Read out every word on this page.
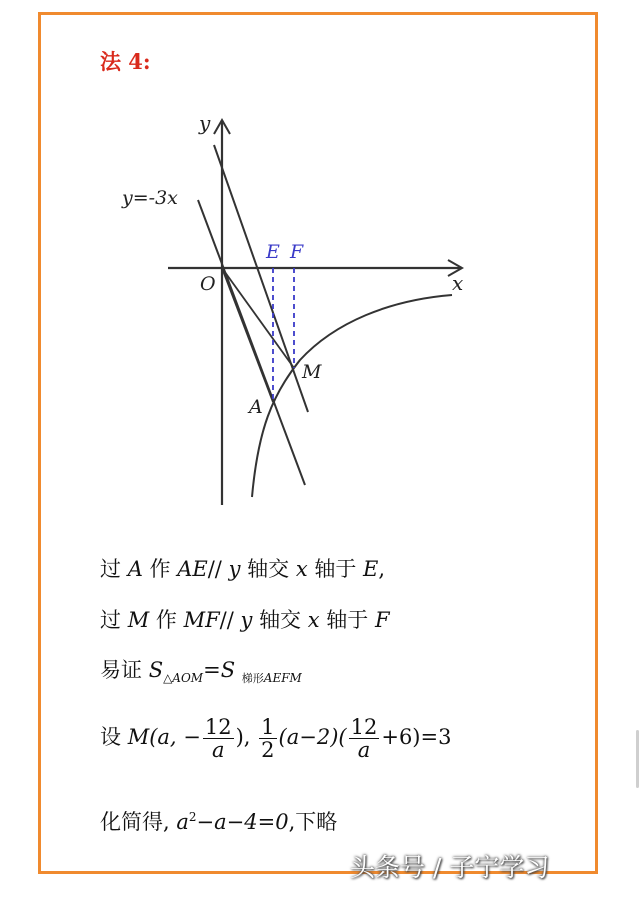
法 4:
y
x
O
y=-3x
E F
M
A
过 A 作 AE// y 轴交 x 轴于 E,
过 M 作 MF// y 轴交 x 轴于 F
易证 $S_{\triangle AOM}=S$ $_{梯形AEFM}$
设 M(a, − $\frac{12}{a}$ ), $\frac{1}{2} (a-2)( \frac{12}{a} +6)=3$
化简得, $a^2-a-4=0$,下略
头条号 / 子宁学习
